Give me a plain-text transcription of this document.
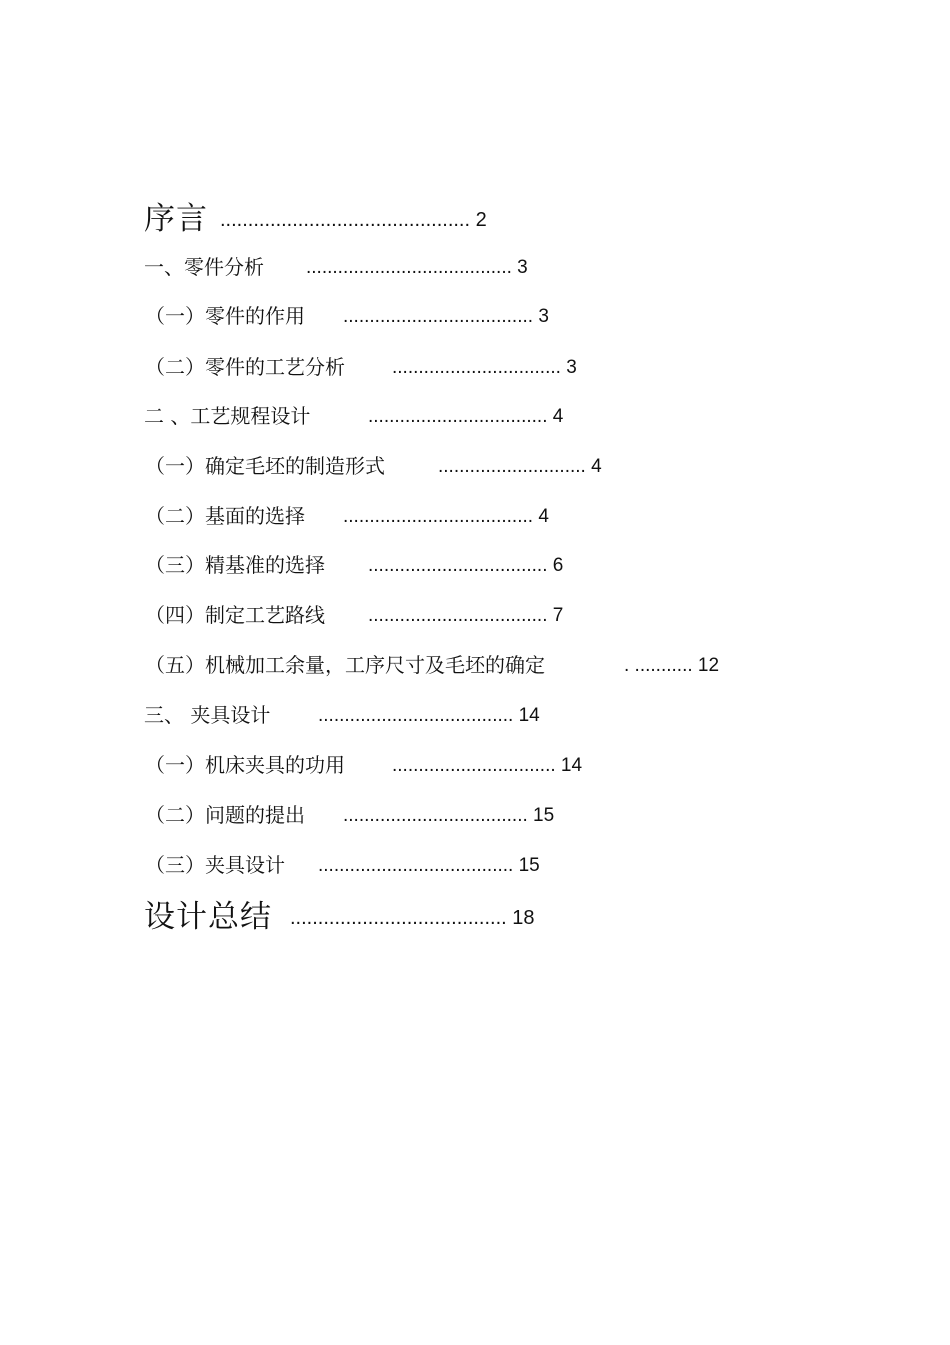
序言 ............................................. 2
一、零件分析 ....................................... 3
（一）零件的作用 .................................... 3
（二）零件的工艺分析 ................................ 3
二 、工艺规程设计	.................................. 4
（一）确定毛坯的制造形式	............................ 4
（二）基面的选择 .................................... 4
（三）精基准的选择 .................................. 6
（四）制定工艺路线 .................................. 7
（五）机械加工余量，工序尺寸及毛坯的确定	. ........... 12
三、 夹具设计	..................................... 14
（一）机床夹具的功用 ............................... 14
（二）问题的提出 ................................... 15
（三）夹具设计 ..................................... 15
设计总结 ....................................... 18
